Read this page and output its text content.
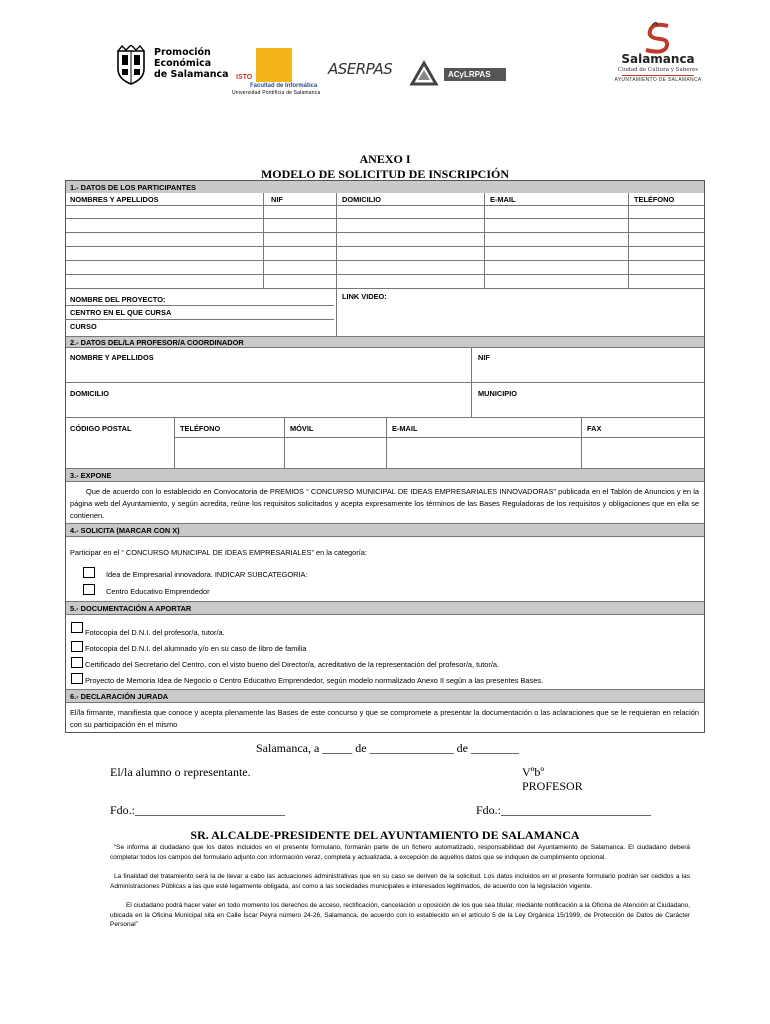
Promoción
Económica
de Salamanca ISTO
Facultad de Informática
Universidad Pontificia de Salamanca
ASERPAS	ACyLRPAS
Salamanca
Ciudad de Cultura y Saberes
AYUNTAMIENTO DE SALAMANCA
ANEXO I
MODELO DE SOLICITUD DE INSCRIPCIÓN
1.- DATOS DE LOS PARTICIPANTES
NOMBRES Y APELLIDOS	NIF	DOMICILIO	E-MAIL	TELÉFONO
NOMBRE DEL PROYECTO:	LINK VIDEO:
CENTRO EN EL QUE CURSA
CURSO
2.- DATOS DEL/LA PROFESOR/A COORDINADOR
NOMBRE Y APELLIDOS	NIF
DOMICILIO	MUNICIPIO
CÓDIGO POSTAL	TELÉFONO	MÓVIL	E-MAIL	FAX
3.- EXPONE
Que de acuerdo con lo establecido en Convocatoria de PREMIOS “ CONCURSO MUNICIPAL DE IDEAS EMPRESARIALES INNOVADORAS” publicada en el Tablón de Anuncios y en la página web del Ayuntamiento, y según acredita, reúne los requisitos solicitados y acepta expresamente los términos de las Bases Reguladoras de los requisitos y obligaciones que en ella se contienen.
4.- SOLICITA (MARCAR CON X)
Participar en el “ CONCURSO MUNICIPAL DE IDEAS EMPRESARIALES” en la categoría:
Idea de Empresarial innovadora. INDICAR SUBCATEGORIA:
Centro Educativo Emprendedor
5.- DOCUMENTACIÓN A APORTAR
Fotocopia del D.N.I. del profesor/a, tutor/a.
Fotocopia del D.N.I. del alumnado y/o en su caso de libro de familia
Certificado del Secretario del Centro, con el visto bueno del Director/a, acreditativo de la representación del profesor/a, tutor/a.
Proyecto de Memoria Idea de Negocio o Centro Educativo Emprendedor, según modelo normalizado Anexo II según a las presentes Bases.
6.- DECLARACIÓN JURADA
El/la firmante, manifiesta que conoce y acepta plenamente las Bases de este concurso y que se compromete a presentar la documentación o las aclaraciones que se le requieran en relación con su participación en el mismo
Salamanca, a _____ de ______________ de ________
El/la alumno o representante.	Vºbº
PROFESOR
Fdo.:_________________________	Fdo.:_________________________
SR. ALCALDE-PRESIDENTE DEL AYUNTAMIENTO DE SALAMANCA
“Se informa al ciudadano que los datos incluidos en el presente formulario, formarán parte de un fichero automatizado, responsabilidad del Ayuntamiento de Salamanca. El ciudadano deberá completar todos los campos del formulario adjunto con información veraz, completa y actualizada, a excepción de aquellos datos que se indiquen de cumplimiento opcional.
La finalidad del tratamiento será la de llevar a cabo las actuaciones administrativas que en su caso se deriven de la solicitud. Los datos incluidos en el presente formulario podrán ser cedidos a las Administraciones Públicas a las que esté legalmente obligada, así como a las sociedades municipales e interesados legitimados, de acuerdo con la legislación vigente.
El ciudadano podrá hacer valer en todo momento los derechos de acceso, rectificación, cancelación u oposición de los que sea titular, mediante notificación a la Oficina de Atención al Ciudadano, ubicada en la Oficina Municipal sita en Calle Íscar Peyra número 24-26, Salamanca, de acuerdo con lo establecido en el artículo 5 de la Ley Orgánica 15/1999, de Protección de Datos de Carácter Personal”
